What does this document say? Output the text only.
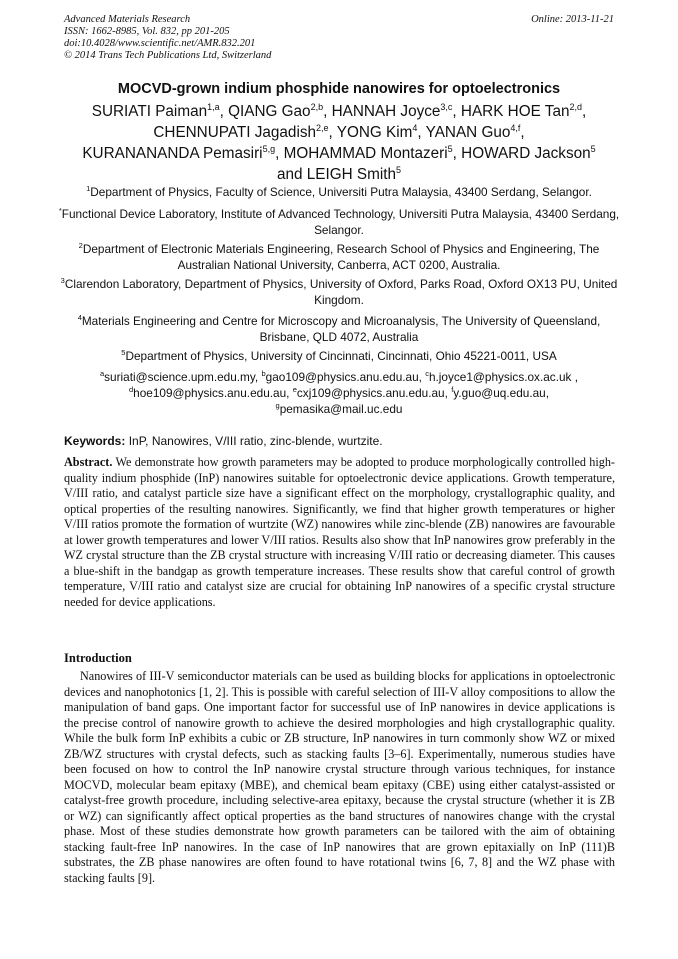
Advanced Materials Research
ISSN: 1662-8985, Vol. 832, pp 201-205
doi:10.4028/www.scientific.net/AMR.832.201
© 2014 Trans Tech Publications Ltd, Switzerland
Online: 2013-11-21
MOCVD-grown indium phosphide nanowires for optoelectronics
SURIATI Paiman$^{1,a}$, QIANG Gao$^{2,b}$, HANNAH Joyce$^{3,c}$, HARK HOE Tan$^{2,d}$,
CHENNUPATI Jagadish$^{2,e}$, YONG Kim$^4$, YANAN Guo$^{4,f}$,
KURANANANDA Pemasiri$^{5,g}$, MOHAMMAD Montazeri$^5$, HOWARD Jackson$^5$
and LEIGH Smith$^5$
$^1$Department of Physics, Faculty of Science, Universiti Putra Malaysia, 43400 Serdang, Selangor.
*Functional Device Laboratory, Institute of Advanced Technology, Universiti Putra Malaysia, 43400 Serdang, Selangor.
$^2$Department of Electronic Materials Engineering, Research School of Physics and Engineering, The Australian National University, Canberra, ACT 0200, Australia.
$^3$Clarendon Laboratory, Department of Physics, University of Oxford, Parks Road, Oxford OX13 PU, United Kingdom.
$^4$Materials Engineering and Centre for Microscopy and Microanalysis, The University of Queensland, Brisbane, QLD 4072, Australia
$^5$Department of Physics, University of Cincinnati, Cincinnati, Ohio 45221-0011, USA
$^a$suriati@science.upm.edu.my, $^b$gao109@physics.anu.edu.au, $^c$h.joyce1@physics.ox.ac.uk ,
$^d$hoe109@physics.anu.edu.au, $^e$cxj109@physics.anu.edu.au, $^f$y.guo@uq.edu.au,
$^g$pemasika@mail.uc.edu
Keywords: InP, Nanowires, V/III ratio, zinc-blende, wurtzite.
Abstract. We demonstrate how growth parameters may be adopted to produce morphologically controlled high-quality indium phosphide (InP) nanowires suitable for optoelectronic device applications. Growth temperature, V/III ratio, and catalyst particle size have a significant effect on the morphology, crystallographic quality, and optical properties of the resulting nanowires. Significantly, we find that higher growth temperatures or higher V/III ratios promote the formation of wurtzite (WZ) nanowires while zinc-blende (ZB) nanowires are favourable at lower growth temperatures and lower V/III ratios. Results also show that InP nanowires grow preferably in the WZ crystal structure than the ZB crystal structure with increasing V/III ratio or decreasing diameter. This causes a blue-shift in the bandgap as growth temperature increases. These results show that careful control of growth temperature, V/III ratio and catalyst size are crucial for obtaining InP nanowires of a specific crystal structure needed for device applications.
Introduction
Nanowires of III-V semiconductor materials can be used as building blocks for applications in optoelectronic devices and nanophotonics [1, 2]. This is possible with careful selection of III-V alloy compositions to allow the manipulation of band gaps. One important factor for successful use of InP nanowires in device applications is the precise control of nanowire growth to achieve the desired morphologies and high crystallographic quality. While the bulk form InP exhibits a cubic or ZB structure, InP nanowires in turn commonly show WZ or mixed ZB/WZ structures with crystal defects, such as stacking faults [3–6]. Experimentally, numerous studies have been focused on how to control the InP nanowire crystal structure through various techniques, for instance MOCVD, molecular beam epitaxy (MBE), and chemical beam epitaxy (CBE) using either catalyst-assisted or catalyst-free growth procedure, including selective-area epitaxy, because the crystal structure (whether it is ZB or WZ) can significantly affect optical properties as the band structures of nanowires change with the crystal phase. Most of these studies demonstrate how growth parameters can be tailored with the aim of obtaining stacking fault-free InP nanowires. In the case of InP nanowires that are grown epitaxially on InP (111)B substrates, the ZB phase nanowires are often found to have rotational twins [6, 7, 8] and the WZ phase with stacking faults [9].
